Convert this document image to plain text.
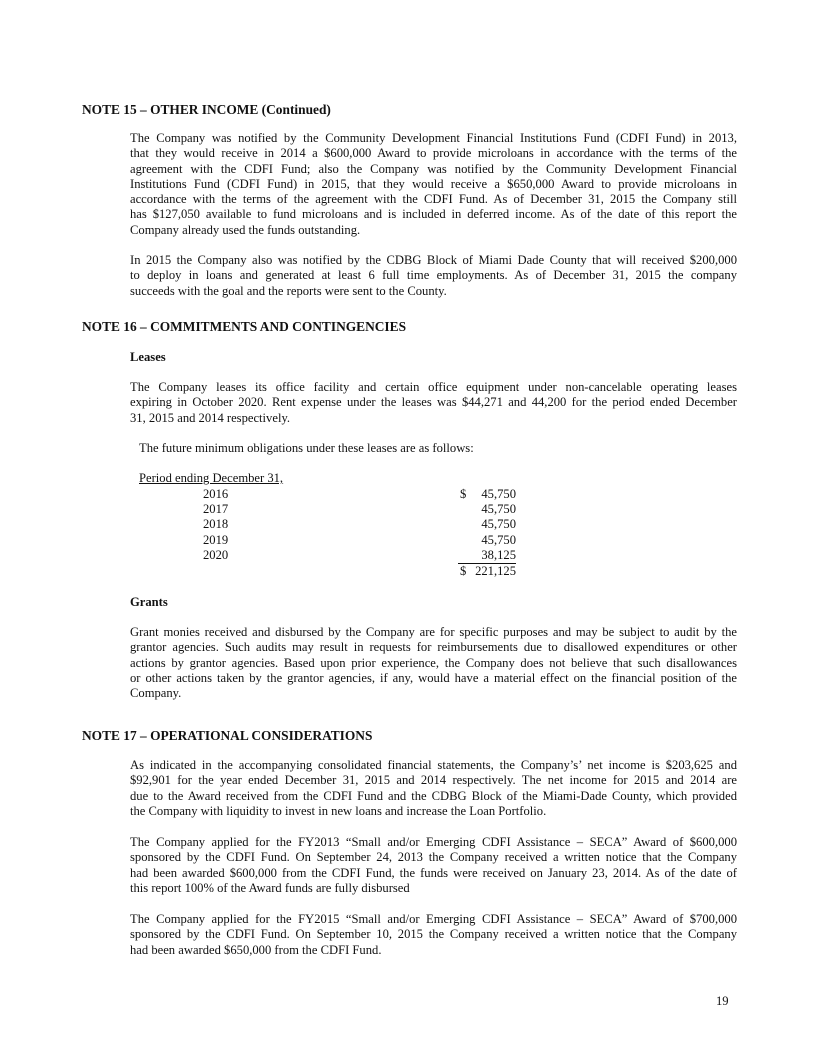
NOTE 15 – OTHER INCOME (Continued)
The Company was notified by the Community Development Financial Institutions Fund (CDFI Fund) in 2013,
that they would receive in 2014 a $600,000 Award to provide microloans in accordance with the terms of the
agreement with the CDFI Fund; also the Company was notified by the Community Development Financial
Institutions Fund (CDFI Fund) in 2015, that they would receive a $650,000 Award to provide microloans in
accordance with the terms of the agreement with the CDFI Fund. As of December 31, 2015 the Company still
has $127,050 available to fund microloans and is included in deferred income. As of the date of this report the
Company already used the funds outstanding.
In 2015 the Company also was notified by the CDBG Block of Miami Dade County that will received $200,000
to deploy in loans and generated at least 6 full time employments. As of December 31, 2015 the company
succeeds with the goal and the reports were sent to the County.
NOTE 16 – COMMITMENTS AND CONTINGENCIES
Leases
The Company leases its office facility and certain office equipment under non-cancelable operating leases
expiring in October 2020. Rent expense under the leases was $44,271 and 44,200 for the period ended December
31, 2015 and 2014 respectively.
The future minimum obligations under these leases are as follows:
Period ending December 31,
2016	$ 45,750
2017	45,750
2018	45,750
2019	45,750
2020	38,125
$ 221,125
Grants
Grant monies received and disbursed by the Company are for specific purposes and may be subject to audit by the
grantor agencies. Such audits may result in requests for reimbursements due to disallowed expenditures or other
actions by grantor agencies. Based upon prior experience, the Company does not believe that such disallowances
or other actions taken by the grantor agencies, if any, would have a material effect on the financial position of the
Company.
NOTE 17 – OPERATIONAL CONSIDERATIONS
As indicated in the accompanying consolidated financial statements, the Company’s’ net income is $203,625 and
$92,901 for the year ended December 31, 2015 and 2014 respectively. The net income for 2015 and 2014 are
due to the Award received from the CDFI Fund and the CDBG Block of the Miami-Dade County, which provided
the Company with liquidity to invest in new loans and increase the Loan Portfolio.
The Company applied for the FY2013 “Small and/or Emerging CDFI Assistance – SECA” Award of $600,000
sponsored by the CDFI Fund. On September 24, 2013 the Company received a written notice that the Company
had been awarded $600,000 from the CDFI Fund, the funds were received on January 23, 2014. As of the date of
this report 100% of the Award funds are fully disbursed
The Company applied for the FY2015 “Small and/or Emerging CDFI Assistance – SECA” Award of $700,000
sponsored by the CDFI Fund. On September 10, 2015 the Company received a written notice that the Company
had been awarded $650,000 from the CDFI Fund.
19
